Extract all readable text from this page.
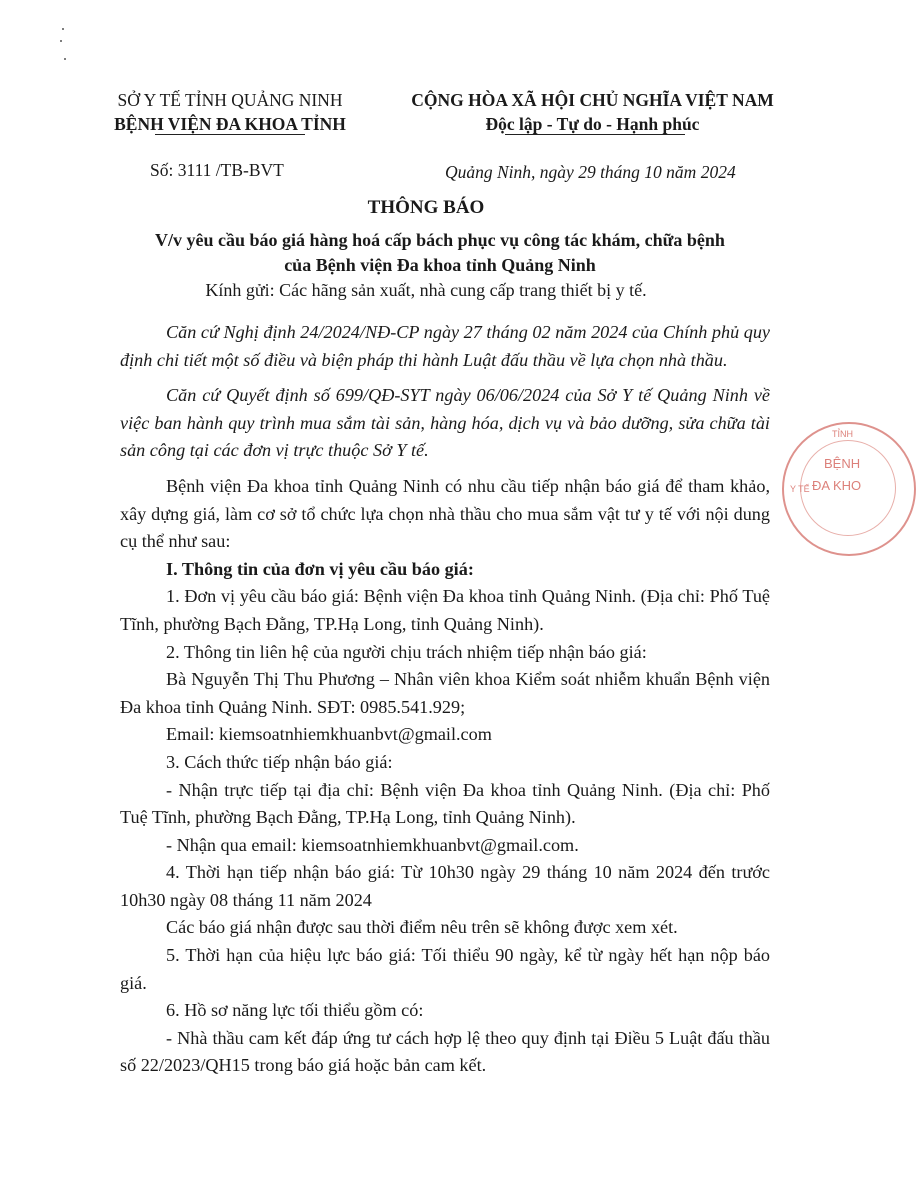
SỞ Y TẾ TỈNH QUẢNG NINH
BỆNH VIỆN ĐA KHOA TỈNH
CỘNG HÒA XÃ HỘI CHỦ NGHĨA VIỆT NAM
Độc lập - Tự do - Hạnh phúc
Số: 3111 /TB-BVT	Quảng Ninh, ngày 29 tháng 10 năm 2024
THÔNG BÁO
V/v yêu cầu báo giá hàng hoá cấp bách phục vụ công tác khám, chữa bệnh
của Bệnh viện Đa khoa tỉnh Quảng Ninh
Kính gửi: Các hãng sản xuất, nhà cung cấp trang thiết bị y tế.

Căn cứ Nghị định 24/2024/NĐ-CP ngày 27 tháng 02 năm 2024 của Chính phủ quy định chi tiết một số điều và biện pháp thi hành Luật đấu thầu về lựa chọn nhà thầu.

Căn cứ Quyết định số 699/QĐ-SYT ngày 06/06/2024 của Sở Y tế Quảng Ninh về việc ban hành quy trình mua sắm tài sản, hàng hóa, dịch vụ và bảo dưỡng, sửa chữa tài sản công tại các đơn vị trực thuộc Sở Y tế.

Bệnh viện Đa khoa tỉnh Quảng Ninh có nhu cầu tiếp nhận báo giá để tham khảo, xây dựng giá, làm cơ sở tổ chức lựa chọn nhà thầu cho mua sắm vật tư y tế với nội dung cụ thể như sau:

I. Thông tin của đơn vị yêu cầu báo giá:

1. Đơn vị yêu cầu báo giá: Bệnh viện Đa khoa tỉnh Quảng Ninh. (Địa chỉ: Phố Tuệ Tĩnh, phường Bạch Đằng, TP.Hạ Long, tỉnh Quảng Ninh).

2. Thông tin liên hệ của người chịu trách nhiệm tiếp nhận báo giá:

Bà Nguyễn Thị Thu Phương – Nhân viên khoa Kiểm soát nhiễm khuẩn Bệnh viện Đa khoa tỉnh Quảng Ninh. SĐT: 0985.541.929;

Email: kiemsoatnhiemkhuanbvt@gmail.com

3. Cách thức tiếp nhận báo giá:

- Nhận trực tiếp tại địa chỉ: Bệnh viện Đa khoa tỉnh Quảng Ninh. (Địa chỉ: Phố Tuệ Tĩnh, phường Bạch Đằng, TP.Hạ Long, tỉnh Quảng Ninh).

- Nhận qua email: kiemsoatnhiemkhuanbvt@gmail.com.

4. Thời hạn tiếp nhận báo giá: Từ 10h30 ngày 29 tháng 10 năm 2024 đến trước 10h30 ngày 08 tháng 11 năm 2024

Các báo giá nhận được sau thời điểm nêu trên sẽ không được xem xét.

5. Thời hạn của hiệu lực báo giá: Tối thiểu 90 ngày, kể từ ngày hết hạn nộp báo giá.

6. Hồ sơ năng lực tối thiểu gồm có:

- Nhà thầu cam kết đáp ứng tư cách hợp lệ theo quy định tại Điều 5 Luật đấu thầu số 22/2023/QH15 trong báo giá hoặc bản cam kết.

TỈNH
BỆNH
ĐA KHO
Y TẾ
